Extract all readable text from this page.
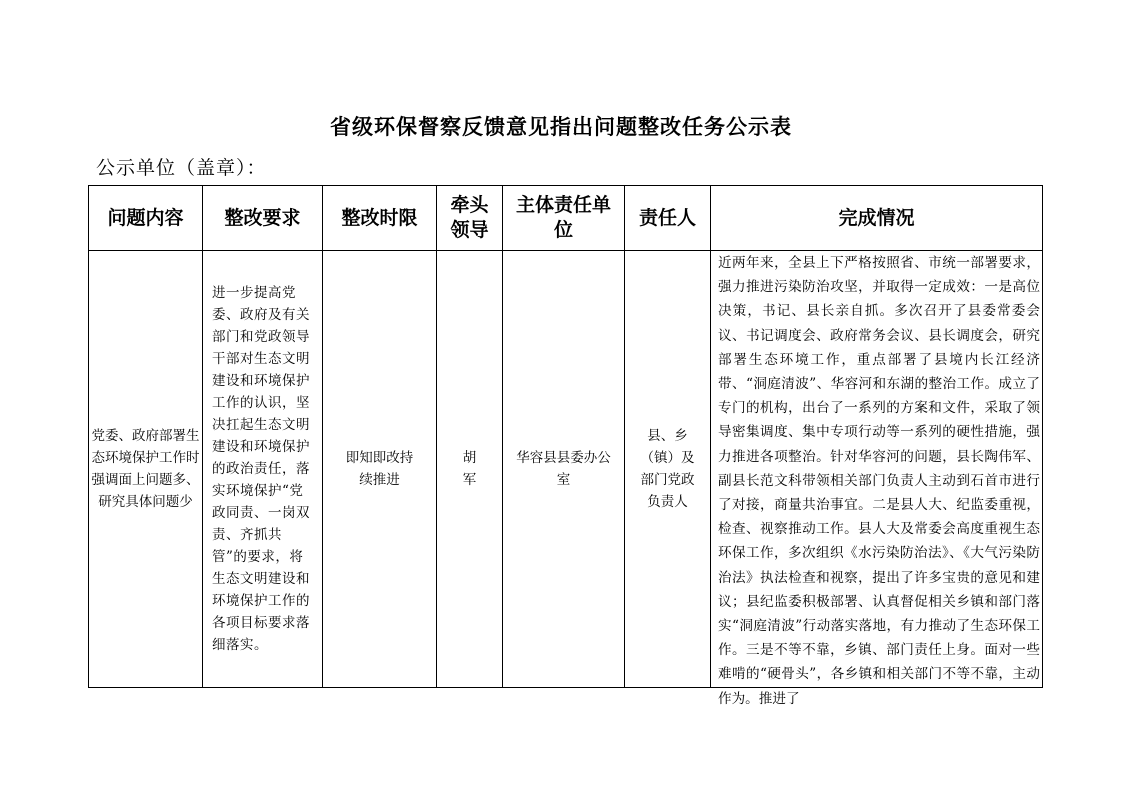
省级环保督察反馈意见指出问题整改任务公示表
公示单位（盖章）：
问题内容	整改要求	整改时限	牵头领导	主体责任单位	责任人	完成情况
党委、政府部署生态环境保护工作时强调面上问题多、研究具体问题少	进一步提高党委、政府及有关部门和党政领导干部对生态文明建设和环境保护工作的认识，坚决扛起生态文明建设和环境保护的政治责任，落实环境保护“党政同责、一岗双责、齐抓共管”的要求，将生态文明建设和环境保护工作的各项目标要求落细落实。	即知即改持续推进	胡军	华容县县委办公室	县、乡（镇）及部门党政负责人	近两年来，全县上下严格按照省、市统一部署要求，强力推进污染防治攻坚，并取得一定成效：一是高位决策，书记、县长亲自抓。多次召开了县委常委会议、书记调度会、政府常务会议、县长调度会，研究部署生态环境工作，重点部署了县境内长江经济带、“洞庭清波”、华容河和东湖的整治工作。成立了专门的机构，出台了一系列的方案和文件，采取了领导密集调度、集中专项行动等一系列的硬性措施，强力推进各项整治。针对华容河的问题，县长陶伟军、副县长范文科带领相关部门负责人主动到石首市进行了对接，商量共治事宜。二是县人大、纪监委重视，检查、视察推动工作。县人大及常委会高度重视生态环保工作，多次组织《水污染防治法》、《大气污染防治法》执法检查和视察，提出了许多宝贵的意见和建议；县纪监委积极部署、认真督促相关乡镇和部门落实“洞庭清波”行动落实落地，有力推动了生态环保工作。三是不等不靠，乡镇、部门责任上身。面对一些难啃的“硬骨头”，各乡镇和相关部门不等不靠，主动作为。推进了
